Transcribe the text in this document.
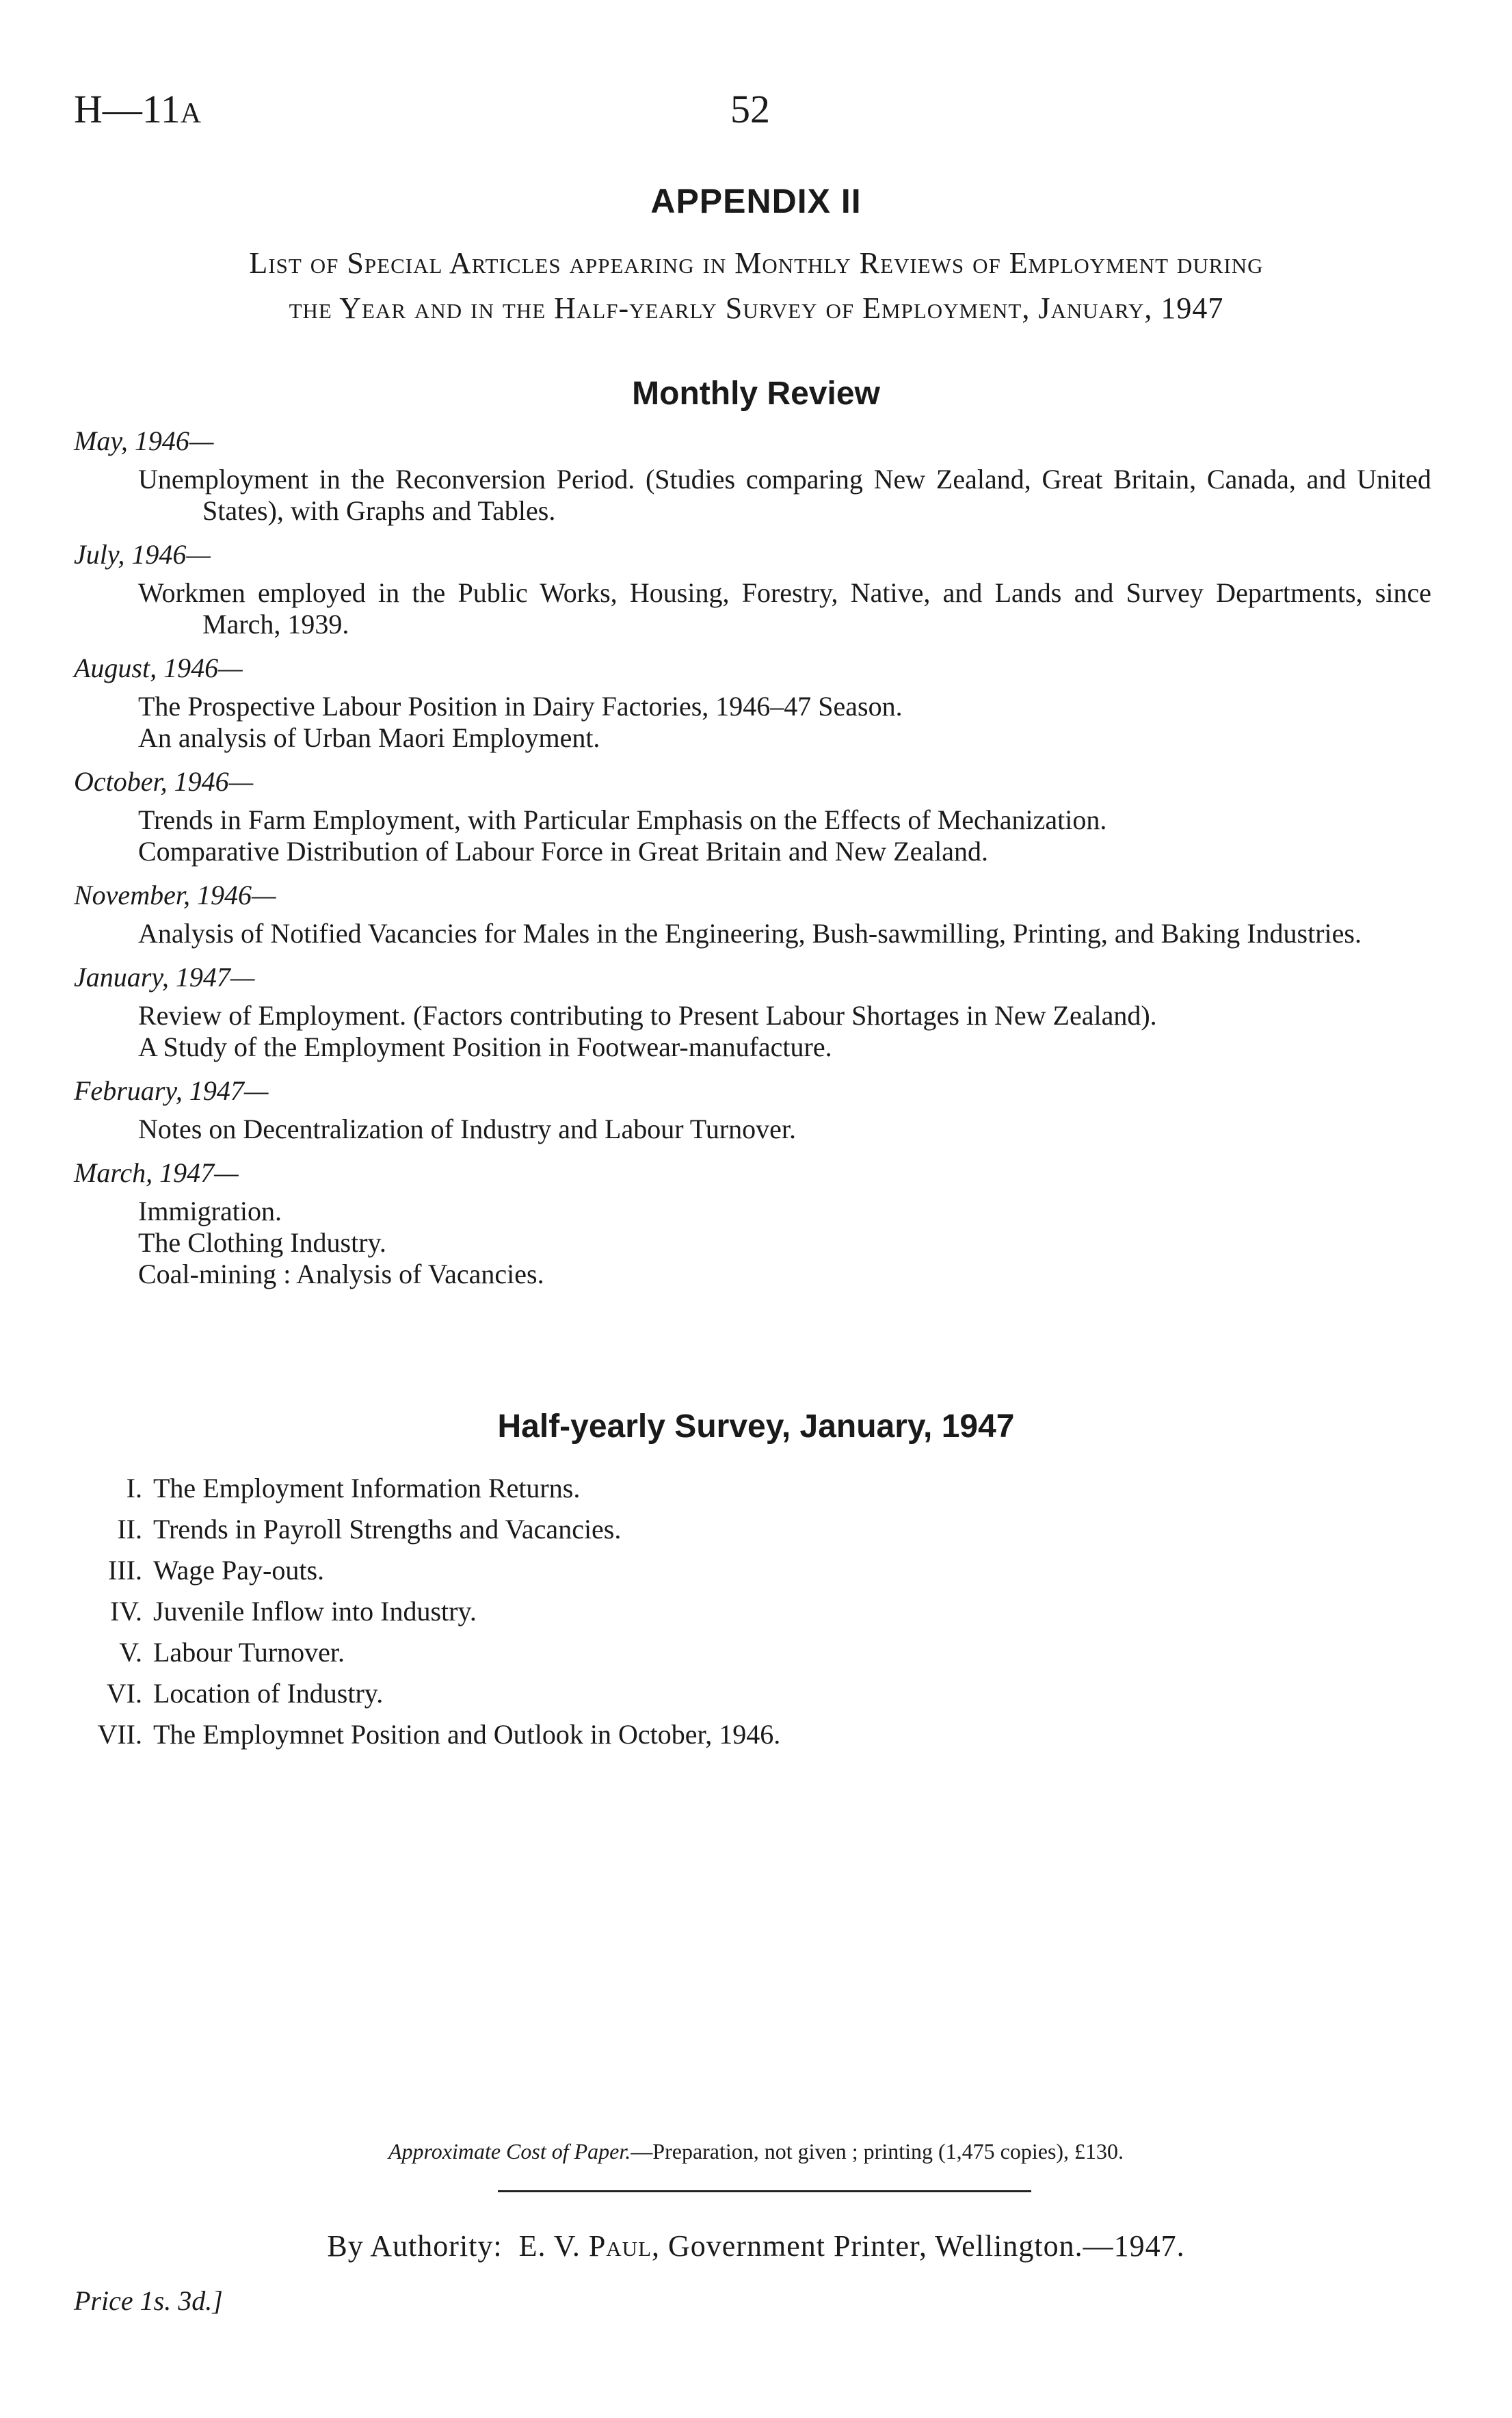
H—11A	52
APPENDIX II
List of Special Articles appearing in Monthly Reviews of Employment during
the Year and in the Half-yearly Survey of Employment, January, 1947
Monthly Review
May, 1946—
Unemployment in the Reconversion Period. (Studies comparing New Zealand, Great Britain, Canada, and United States), with Graphs and Tables.
July, 1946—
Workmen employed in the Public Works, Housing, Forestry, Native, and Lands and Survey Departments, since March, 1939.
August, 1946—
The Prospective Labour Position in Dairy Factories, 1946–47 Season.
An analysis of Urban Maori Employment.
October, 1946—
Trends in Farm Employment, with Particular Emphasis on the Effects of Mechanization.
Comparative Distribution of Labour Force in Great Britain and New Zealand.
November, 1946—
Analysis of Notified Vacancies for Males in the Engineering, Bush-sawmilling, Printing, and Baking Industries.
January, 1947—
Review of Employment. (Factors contributing to Present Labour Shortages in New Zealand).
A Study of the Employment Position in Footwear-manufacture.
February, 1947—
Notes on Decentralization of Industry and Labour Turnover.
March, 1947—
Immigration.
The Clothing Industry.
Coal-mining : Analysis of Vacancies.
Half-yearly Survey, January, 1947
I. The Employment Information Returns.
II. Trends in Payroll Strengths and Vacancies.
III. Wage Pay-outs.
IV. Juvenile Inflow into Industry.
V. Labour Turnover.
VI. Location of Industry.
VII. The Employmnet Position and Outlook in October, 1946.
Approximate Cost of Paper.—Preparation, not given ; printing (1,475 copies), £130.
By Authority: E. V. Paul, Government Printer, Wellington.—1947.
Price 1s. 3d.]
